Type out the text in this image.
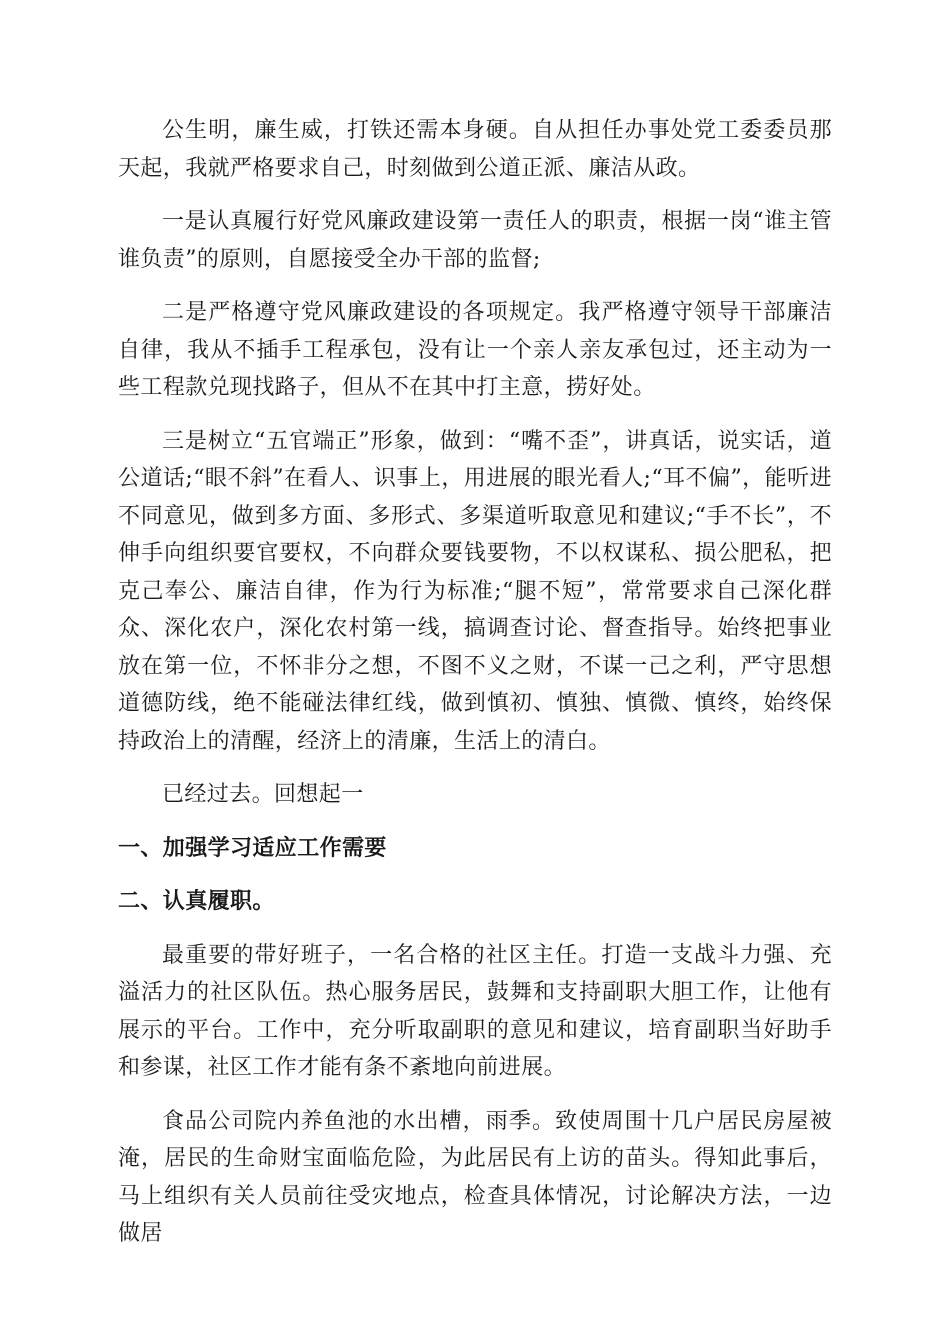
公生明，廉生威，打铁还需本身硬。自从担任办事处党工委委员那天起，我就严格要求自己，时刻做到公道正派、廉洁从政。

一是认真履行好党风廉政建设第一责任人的职责，根据一岗“谁主管谁负责”的原则，自愿接受全办干部的监督;

二是严格遵守党风廉政建设的各项规定。我严格遵守领导干部廉洁自律，我从不插手工程承包，没有让一个亲人亲友承包过，还主动为一些工程款兑现找路子，但从不在其中打主意，捞好处。

三是树立“五官端正”形象，做到：“嘴不歪”，讲真话，说实话，道公道话;“眼不斜”在看人、识事上，用进展的眼光看人;“耳不偏”，能听进不同意见，做到多方面、多形式、多渠道听取意见和建议;“手不长”，不伸手向组织要官要权，不向群众要钱要物，不以权谋私、损公肥私，把克己奉公、廉洁自律，作为行为标准;“腿不短”，常常要求自己深化群众、深化农户，深化农村第一线，搞调查讨论、督查指导。始终把事业放在第一位，不怀非分之想，不图不义之财，不谋一己之利，严守思想道德防线，绝不能碰法律红线，做到慎初、慎独、慎微、慎终，始终保持政治上的清醒，经济上的清廉，生活上的清白。

已经过去。回想起一

一、加强学习适应工作需要

二、认真履职。

最重要的带好班子，一名合格的社区主任。打造一支战斗力强、充溢活力的社区队伍。热心服务居民，鼓舞和支持副职大胆工作，让他有展示的平台。工作中，充分听取副职的意见和建议，培育副职当好助手和参谋，社区工作才能有条不紊地向前进展。

食品公司院内养鱼池的水出槽，雨季。致使周围十几户居民房屋被淹，居民的生命财宝面临危险，为此居民有上访的苗头。得知此事后，马上组织有关人员前往受灾地点，检查具体情况，讨论解决方法，一边做居
